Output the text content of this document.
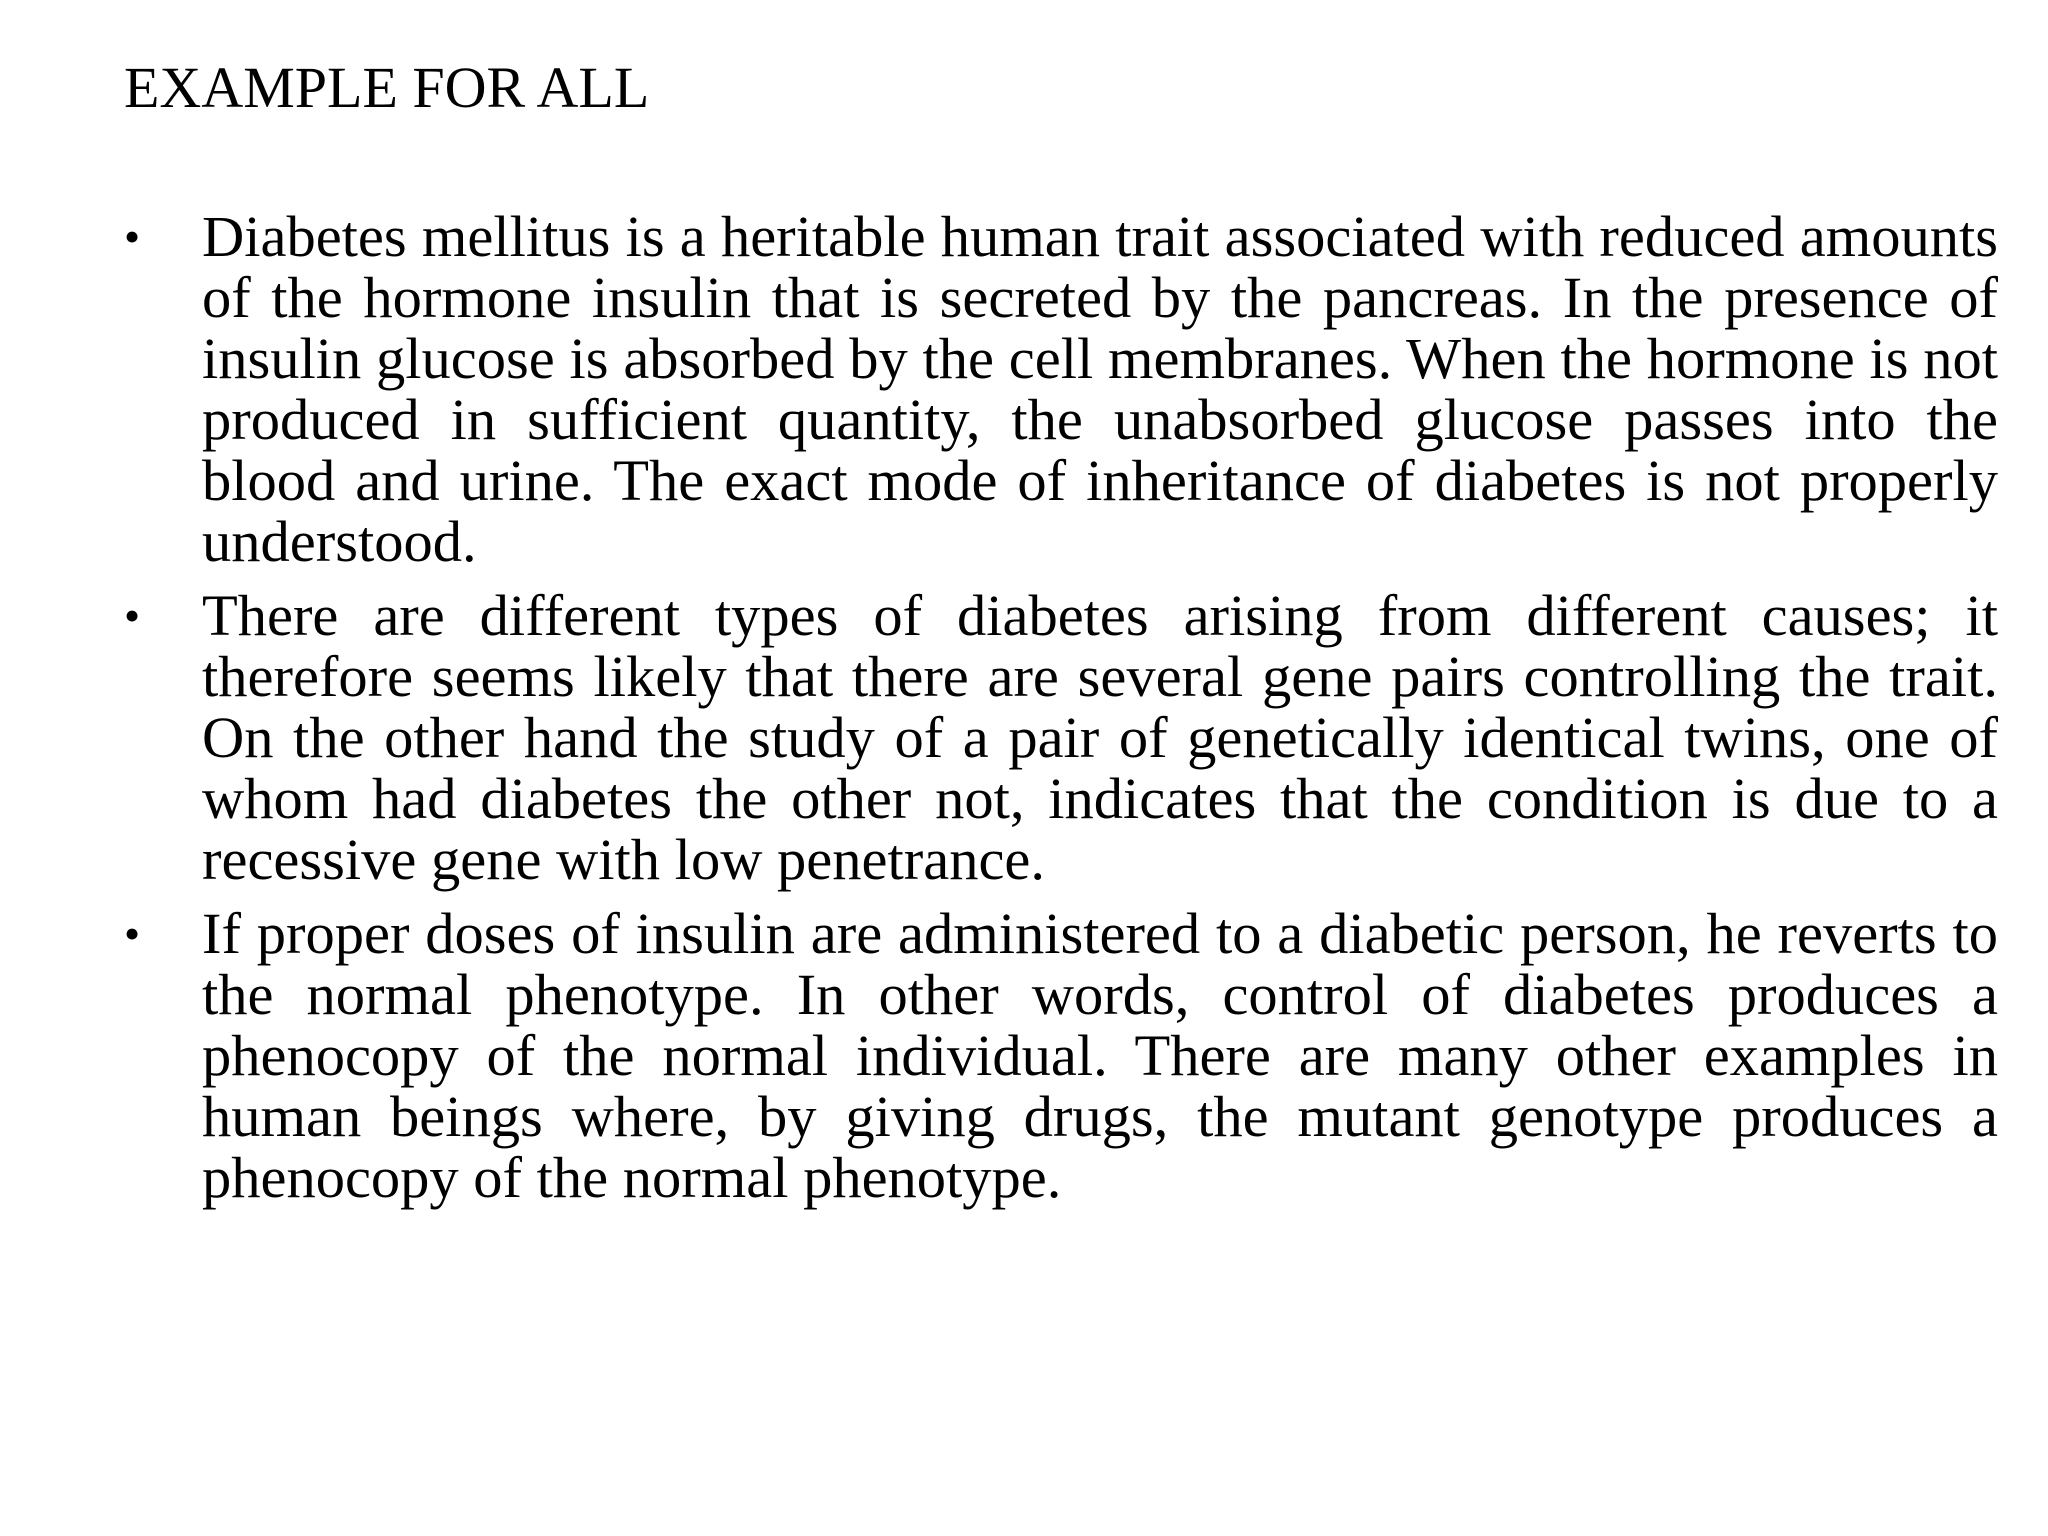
EXAMPLE FOR ALL
• Diabetes mellitus is a heritable human trait associated with reduced amounts of the hormone insulin that is secreted by the pancreas. In the presence of insulin glucose is absorbed by the cell membranes. When the hormone is not produced in sufficient quantity, the unabsorbed glucose passes into the blood and urine. The exact mode of inheritance of diabetes is not properly understood.
• There are different types of diabetes arising from different causes; it therefore seems likely that there are several gene pairs controlling the trait. On the other hand the study of a pair of genetically identical twins, one of whom had diabetes the other not, indicates that the condition is due to a recessive gene with low penetrance.
• If proper doses of insulin are administered to a diabetic person, he reverts to the normal phenotype. In other words, control of diabetes produces a phenocopy of the normal individual. There are many other examples in human beings where, by giving drugs, the mutant genotype produces a phenocopy of the normal phenotype.
